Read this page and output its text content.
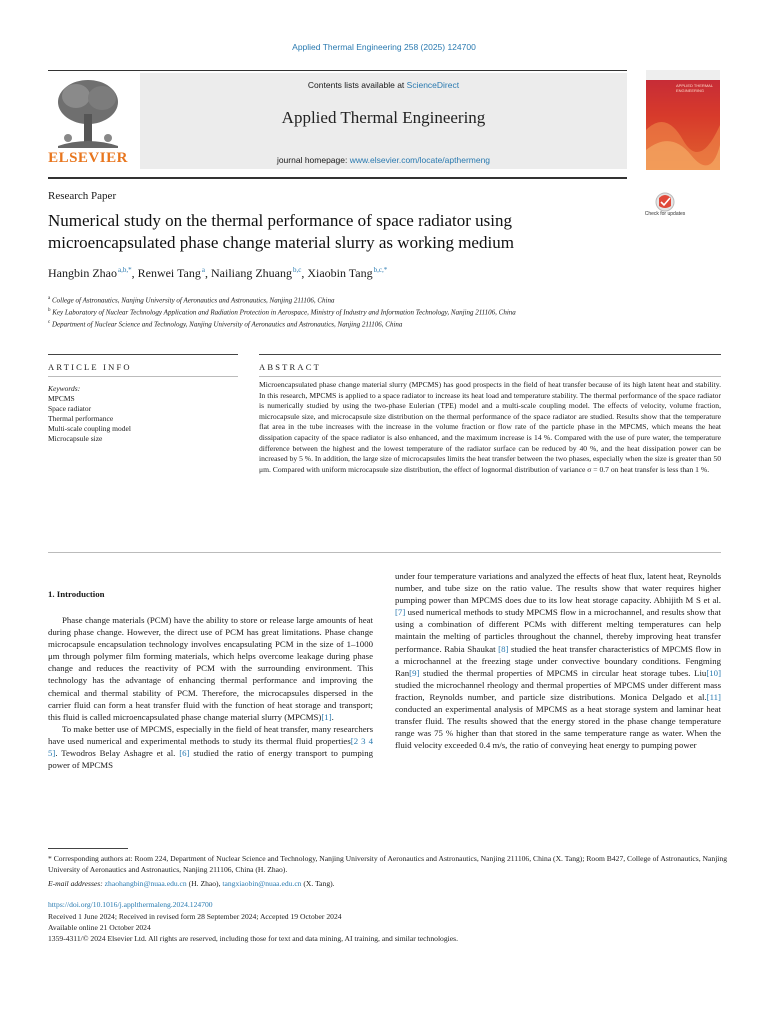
Applied Thermal Engineering 258 (2025) 124700
Contents lists available at ScienceDirect
Applied Thermal Engineering
journal homepage: www.elsevier.com/locate/apthermeng
ELSEVIER
APPLIED THERMAL ENGINEERING
Check for updates
Research Paper
Numerical study on the thermal performance of space radiator using
microencapsulated phase change material slurry as working medium
Hangbin Zhao $^{a,b,*}$, Renwei Tang $^a$, Nailiang Zhuang $^{b,c}$, Xiaobin Tang $^{b,c,*}$
$^a$ College of Astronautics, Nanjing University of Aeronautics and Astronautics, Nanjing 211106, China
$^b$ Key Laboratory of Nuclear Technology Application and Radiation Protection in Aerospace, Ministry of Industry and Information Technology, Nanjing 211106, China
$^c$ Department of Nuclear Science and Technology, Nanjing University of Aeronautics and Astronautics, Nanjing 211106, China
ARTICLE INFO	ABSTRACT
Keywords:
MPCMS
Space radiator
Thermal performance
Multi-scale coupling model
Microcapsule size
Microencapsulated phase change material slurry (MPCMS) has good prospects in the field of heat transfer because of its high latent heat and stability. In this research, MPCMS is applied to a space radiator to increase its heat load and temperature stability. The thermal performance of the space radiator is numerically studied by using the two-phase Eulerian (TPE) model and a multi-scale coupling model. The effects of velocity, volume fraction, microcapsule size, and microcapsule size distribution on the thermal performance of the space radiator are studied. Results show that the temperature flat area in the tube increases with the increase in the volume fraction or flow rate of the particle phase in the MPCMS, which means the heat dissipation capacity of the space radiator is also enhanced, and the maximum increase is 14 %. Compared with the use of pure water, the temperature difference between the highest and the lowest temperature of the radiator surface can be reduced by 40 %, and the heat dissipation power can be increased by 5 %. In addition, the large size of microcapsules limits the heat transfer between the two phases, especially when the size is greater than 50 μm. Compared with uniform microcapsule size distribution, the effect of lognormal distribution of variance σ = 0.7 on heat transfer is less than 1 %.
1. Introduction

Phase change materials (PCM) have the ability to store or release large amounts of heat during phase change. However, the direct use of PCM has great limitations. Phase change microcapsule encapsulation technology involves encapsulating PCM in the size of 1–1000 μm through polymer film forming materials, which helps overcome leakage during phase change and reduces the reactivity of PCM with the surrounding environment. This technology has the advantage of enhancing thermal performance and improving the chemical and thermal stability of PCM. Therefore, the microcapsules dispersed in the carrier fluid can form a heat transfer fluid with the function of heat storage and transport; this fluid is called microencapsulated phase change material slurry (MPCMS)[1].

To make better use of MPCMS, especially in the field of heat transfer, many researchers have used numerical and experimental methods to study its thermal fluid properties[2 3 4 5]. Tewodros Belay Ashagre et al. [6] studied the ratio of energy transport to pumping power of MPCMS

under four temperature variations and analyzed the effects of heat flux, latent heat, Reynolds number, and tube size on the ratio value. The results show that water requires higher pumping power than MPCMS does due to its low heat storage capacity. Abhijith M S et al.[7] used numerical methods to study MPCMS flow in a microchannel, and results show that using a combination of different PCMs with different melting temperatures can help maintain the melting of particles throughout the channel, thereby improving heat transfer performance. Rabia Shaukat [8] studied the heat transfer characteristics of MPCMS flow in a microchannel at the freezing stage under convective boundary conditions. Fengming Ran[9] studied the thermal properties of MPCMS in circular heat storage tubes. Liu[10] studied the microchannel rheology and thermal properties of MPCMS under different mass fraction, Reynolds number, and particle size distributions. Monica Delgado et al.[11] conducted an experimental analysis of MPCMS as a heat storage system and laminar heat transfer fluid. The results showed that the energy stored in the phase change temperature range was 75 % higher than that stored in the same temperature range as water. When the fluid velocity exceeded 0.4 m/s, the ratio of conveying heat energy to pumping power

* Corresponding authors at: Room 224, Department of Nuclear Science and Technology, Nanjing University of Aeronautics and Astronautics, Nanjing 211106, China (X. Tang); Room B427, College of Astronautics, Nanjing University of Aeronautics and Astronautics, Nanjing 211106, China (H. Zhao).
E-mail addresses: zhaohangbin@nuaa.edu.cn (H. Zhao), tangxiaobin@nuaa.edu.cn (X. Tang).
https://doi.org/10.1016/j.applthermaleng.2024.124700
Received 1 June 2024; Received in revised form 28 September 2024; Accepted 19 October 2024
Available online 21 October 2024
1359-4311/© 2024 Elsevier Ltd. All rights are reserved, including those for text and data mining, AI training, and similar technologies.
